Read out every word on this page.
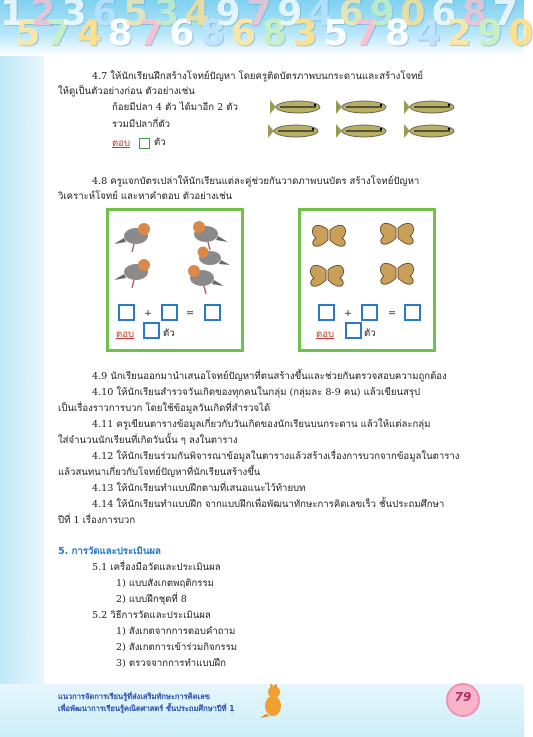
1
5
2
7
3
4
6
8
5
7
3
6
4
8
9
6
7
8
9
3
4
5
6
7
9
8
0
4
6
2
8
9
7
0
4.7 ให้นักเรียนฝึกสร้างโจทย์ปัญหา โดยครูติดบัตรภาพบนกระดานและสร้างโจทย์
ให้ดูเป็นตัวอย่างก่อน ตัวอย่างเช่น
ก้อยมีปลา 4 ตัว ได้มาอีก 2 ตัว
รวมมีปลากี่ตัว
ตอบ ตัว
4.8 ครูแจกบัตรเปล่าให้นักเรียนแต่ละคู่ช่วยกันวาดภาพบนบัตร สร้างโจทย์ปัญหา
วิเคราะห์โจทย์ และหาคำตอบ ตัวอย่างเช่น
+	=
ตอบ	ตัว
+	=
ตอบ	ตัว
4.9 นักเรียนออกมานำเสนอโจทย์ปัญหาที่ตนสร้างขึ้นและช่วยกันตรวจสอบความถูกต้อง
4.10 ให้นักเรียนสำรวจวันเกิดของทุกคนในกลุ่ม (กลุ่มละ 8-9 คน) แล้วเขียนสรุป
เป็นเรื่องราวการบวก โดยใช้ข้อมูลวันเกิดที่สำรวจได้
4.11 ครูเขียนตารางข้อมูลเกี่ยวกับวันเกิดของนักเรียนบนกระดาน แล้วให้แต่ละกลุ่ม
ใส่จำนวนนักเรียนที่เกิดวันนั้น ๆ ลงในตาราง
4.12 ให้นักเรียนร่วมกันพิจารณาข้อมูลในตารางแล้วสร้างเรื่องการบวกจากข้อมูลในตาราง
แล้วสนทนาเกี่ยวกับโจทย์ปัญหาที่นักเรียนสร้างขึ้น
4.13 ให้นักเรียนทำแบบฝึกตามที่เสนอแนะไว้ท้ายบท
4.14 ให้นักเรียนทำแบบฝึก จากแบบฝึกเพื่อพัฒนาทักษะการคิดเลขเร็ว ชั้นประถมศึกษา
ปีที่ 1 เรื่องการบวก
5. การวัดและประเมินผล
5.1 เครื่องมือวัดและประเมินผล
1) แบบสังเกตพฤติกรรม
2) แบบฝึกชุดที่ 8
5.2 วิธีการวัดและประเมินผล
1) สังเกตจากการตอบคำถาม
2) สังเกตการเข้าร่วมกิจกรรม
3) ตรวจจากการทำแบบฝึก
แนวการจัดการเรียนรู้ที่ส่งเสริมทักษะการคิดเลข
เพื่อพัฒนาการเรียนรู้คณิตศาสตร์ ชั้นประถมศึกษาปีที่ 1
79
